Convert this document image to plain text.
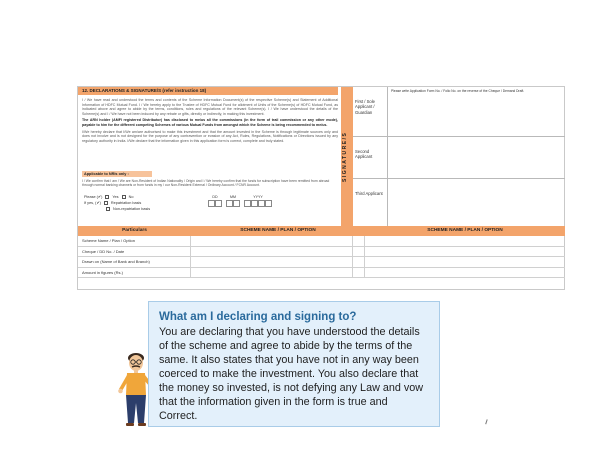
12. DECLARATIONS & SIGNATURE/S (refer instruction 18)

I / We have read and understood the terms and contents of the Scheme Information Document(s) of the respective Scheme(s) and Statement of Additional Information of HDFC Mutual Fund. I / We hereby apply to the Trustee of HDFC Mutual Fund for allotment of Units of the Scheme(s) of HDFC Mutual Fund, as indicated above and agree to abide by the terms, conditions, rules and regulations of the relevant Scheme(s). I / We have understood the details of the Scheme(s) and I / We have not been induced by any rebate or gifts, directly or indirectly, in making this investment.

The ARN holder (AMFI registered Distributor) has disclosed to me/us all the commissions (in the form of trail commission or any other mode), payable to him for the different competing Schemes of various Mutual Funds from amongst which the Scheme is being recommended to me/us.

I/We hereby declare that I/We am/are authorised to make this investment and that the amount invested in the Scheme is through legitimate sources only and does not involve and is not designed for the purpose of any contravention or evasion of any Act, Rules, Regulations, Notifications or Directions issued by any regulatory authority in India. I/We declare that the information given in this application form is correct, complete and truly stated.

Applicable to NRIs only :
I / We confirm that I am / We are Non-Resident of Indian Nationality / Origin and I / We hereby confirm that the funds for subscription have been remitted from abroad through normal banking channels or from funds in my / our Non-Resident External / Ordinary Account / FCNR Account.
Please (✔)	Yes	No
If yes, (✔)	Repatriation basis
Non-repatriation basis
DD	MM	YYYY
SIGNATURE/S
Please write Application Form No. / Folio No. on the reverse of the Cheque / Demand Draft.
First / Sole Applicant / Guardian
Second Applicant
Third Applicant
Particulars	SCHEME NAME / PLAN / OPTION	SCHEME NAME / PLAN / OPTION
Scheme Name / Plan / Option
Cheque / DD No. / Date
Drawn on (Name of Bank and Branch)
Amount in figures (Rs.)
What am I declaring and signing to?
You are declaring that you have understood the details of the scheme and agree to abide by the terms of the same. It also states that you have not in any way been coerced to make the investment. You also declare that the money so invested, is not defying any Law and vow that the information given in the form is true and Correct.
